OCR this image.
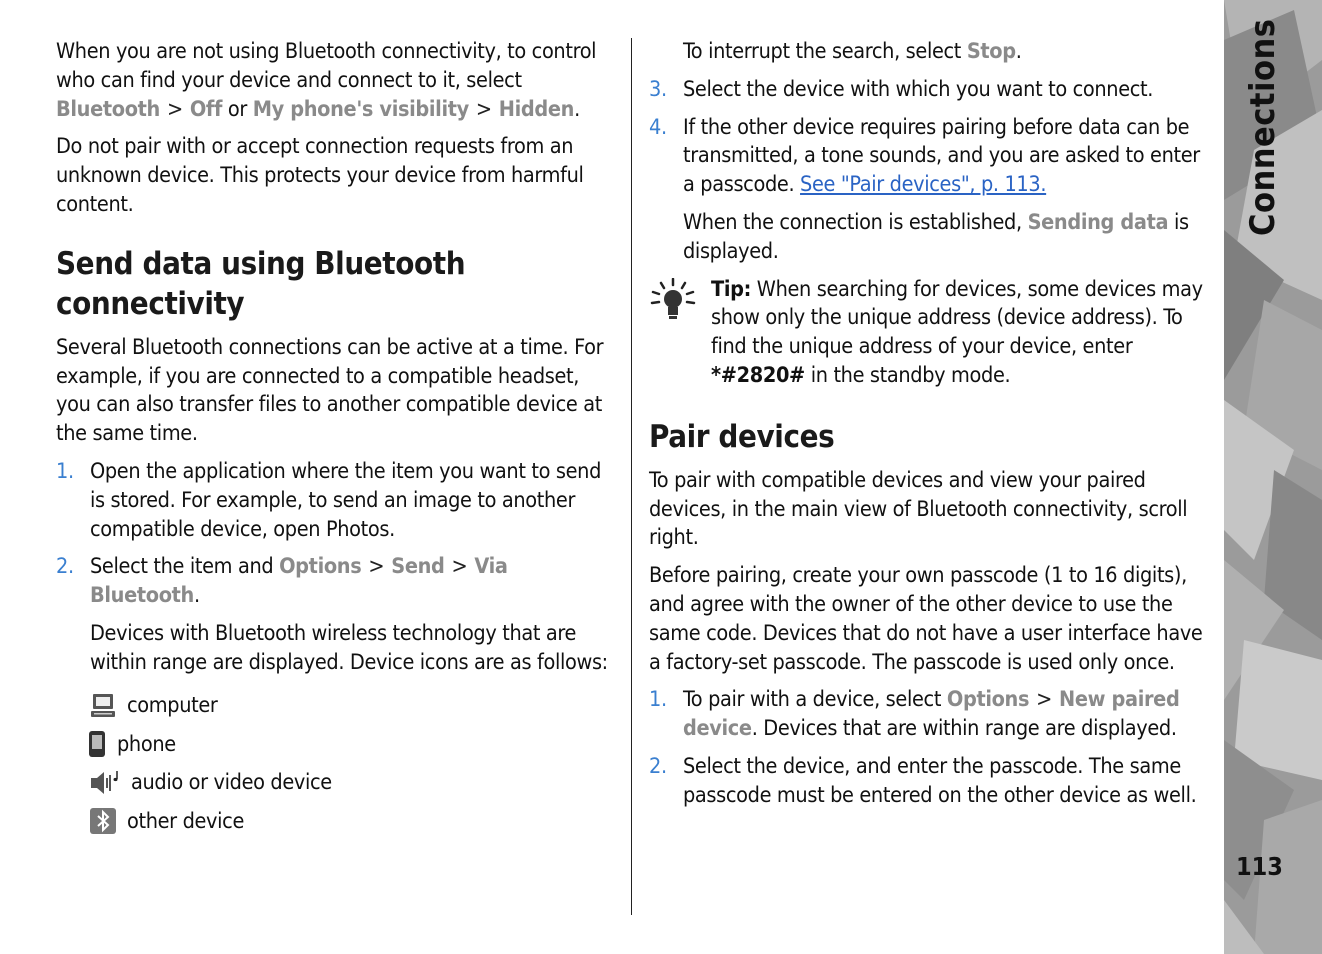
When you are not using Bluetooth connectivity, to control who can find your device and connect to it, select Bluetooth > Off or My phone's visibility > Hidden.

Do not pair with or accept connection requests from an unknown device. This protects your device from harmful content.

Send data using Bluetooth connectivity

Several Bluetooth connections can be active at a time. For example, if you are connected to a compatible headset, you can also transfer files to another compatible device at the same time.

1. Open the application where the item you want to send is stored. For example, to send an image to another compatible device, open Photos.

2. Select the item and Options > Send > Via Bluetooth.

Devices with Bluetooth wireless technology that are within range are displayed. Device icons are as follows:

computer
phone
audio or video device
other device

To interrupt the search, select Stop.

3. Select the device with which you want to connect.

4. If the other device requires pairing before data can be transmitted, a tone sounds, and you are asked to enter a passcode. See "Pair devices", p. 113.

When the connection is established, Sending data is displayed.

Tip: When searching for devices, some devices may show only the unique address (device address). To find the unique address of your device, enter *#2820# in the standby mode.

Pair devices

To pair with compatible devices and view your paired devices, in the main view of Bluetooth connectivity, scroll right.

Before pairing, create your own passcode (1 to 16 digits), and agree with the owner of the other device to use the same code. Devices that do not have a user interface have a factory-set passcode. The passcode is used only once.

1. To pair with a device, select Options > New paired device. Devices that are within range are displayed.

2. Select the device, and enter the passcode. The same passcode must be entered on the other device as well.

Connections
113
